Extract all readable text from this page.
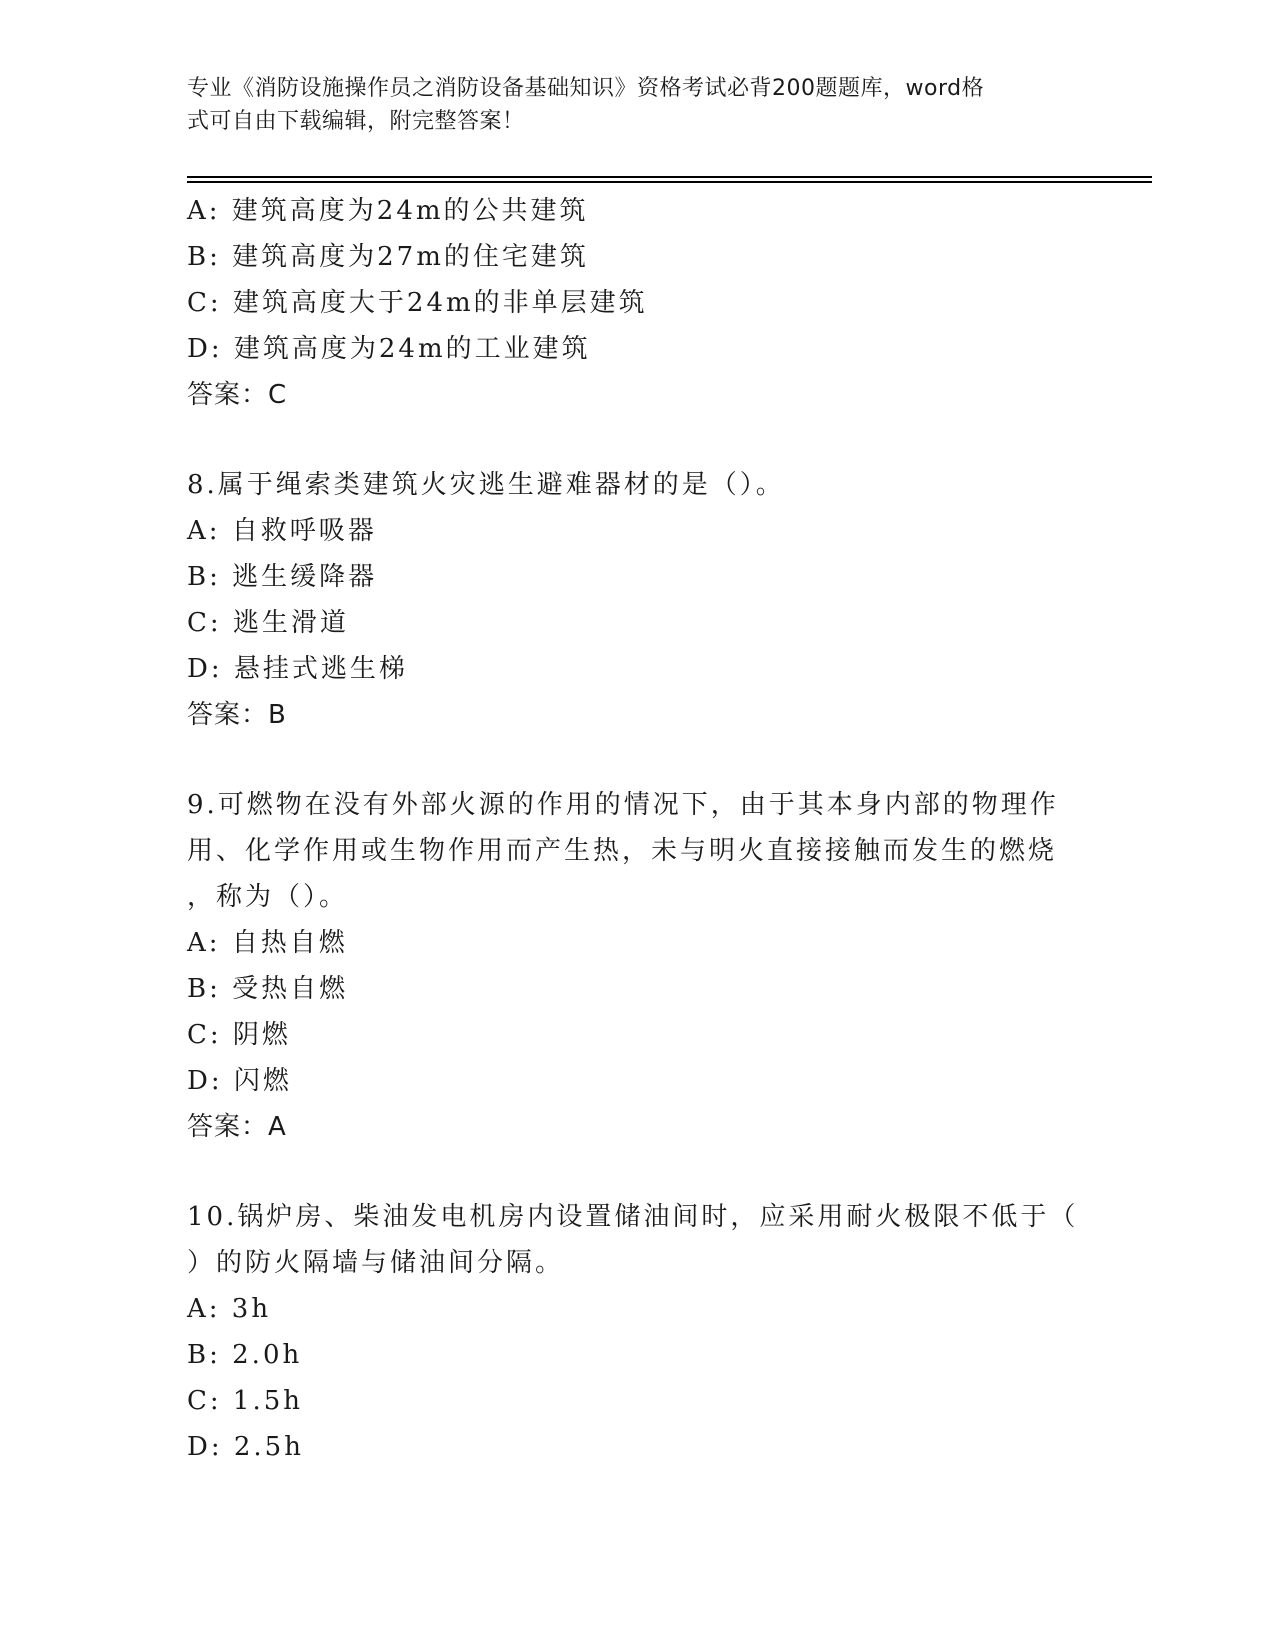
专业《消防设施操作员之消防设备基础知识》资格考试必背200题题库，word格
式可自由下载编辑，附完整答案！
A: 建筑高度为24m的公共建筑
B: 建筑高度为27m的住宅建筑
C: 建筑高度大于24m的非单层建筑
D: 建筑高度为24m的工业建筑
答案：C
8.属于绳索类建筑火灾逃生避难器材的是（）。
A: 自救呼吸器
B: 逃生缓降器
C: 逃生滑道
D: 悬挂式逃生梯
答案：B
9.可燃物在没有外部火源的作用的情况下，由于其本身内部的物理作
用、化学作用或生物作用而产生热，未与明火直接接触而发生的燃烧
，称为（）。
A: 自热自燃
B: 受热自燃
C: 阴燃
D: 闪燃
答案：A
10.锅炉房、柴油发电机房内设置储油间时，应采用耐火极限不低于（
）的防火隔墙与储油间分隔。
A: 3h
B: 2.0h
C: 1.5h
D: 2.5h
